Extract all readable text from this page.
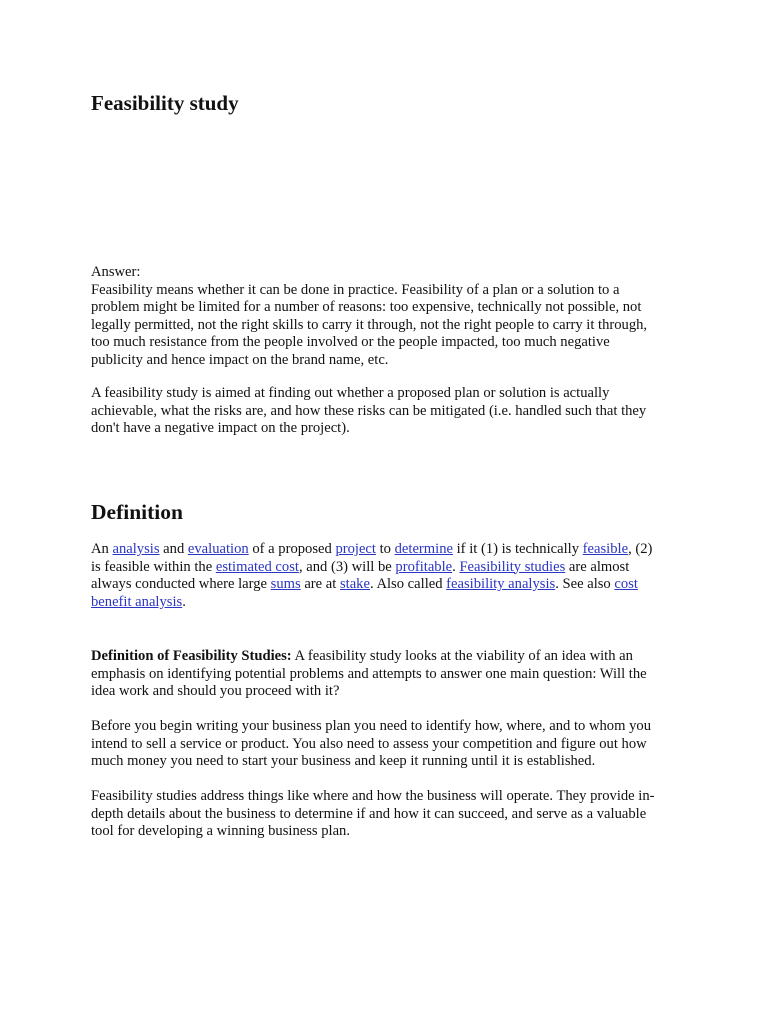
Feasibility study
Answer:
Feasibility means whether it can be done in practice. Feasibility of a plan or a solution to a
problem might be limited for a number of reasons: too expensive, technically not possible, not
legally permitted, not the right skills to carry it through, not the right people to carry it through,
too much resistance from the people involved or the people impacted, too much negative
publicity and hence impact on the brand name, etc.
A feasibility study is aimed at finding out whether a proposed plan or solution is actually
achievable, what the risks are, and how these risks can be mitigated (i.e. handled such that they
don't have a negative impact on the project).
Definition
An analysis and evaluation of a proposed project to determine if it (1) is technically feasible, (2)
is feasible within the estimated cost, and (3) will be profitable. Feasibility studies are almost
always conducted where large sums are at stake. Also called feasibility analysis. See also cost
benefit analysis.
Definition of Feasibility Studies: A feasibility study looks at the viability of an idea with an
emphasis on identifying potential problems and attempts to answer one main question: Will the
idea work and should you proceed with it?
Before you begin writing your business plan you need to identify how, where, and to whom you
intend to sell a service or product. You also need to assess your competition and figure out how
much money you need to start your business and keep it running until it is established.
Feasibility studies address things like where and how the business will operate. They provide in-
depth details about the business to determine if and how it can succeed, and serve as a valuable
tool for developing a winning business plan.
